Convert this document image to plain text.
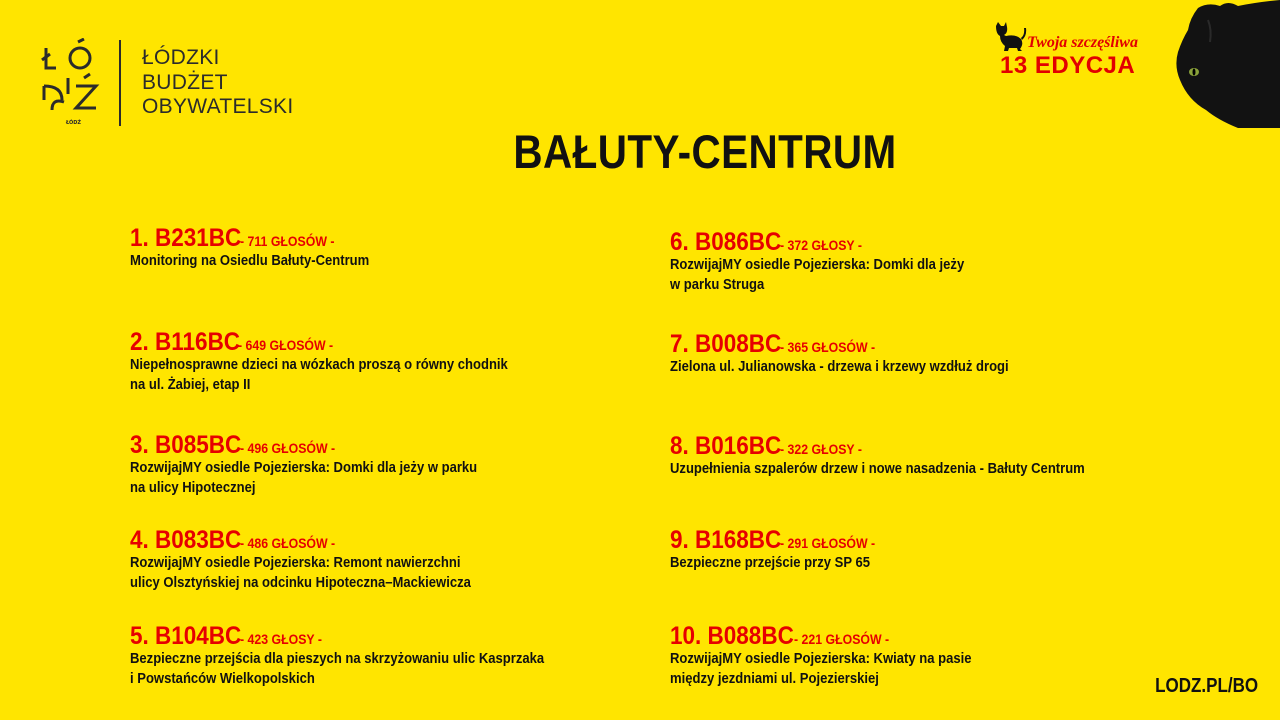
ŁÓDŹ
ŁÓDZKI
BUDŻET
OBYWATELSKI
Twoja szczęśliwa
13 EDYCJA
BAŁUTY-CENTRUM
1. B231BC- 711 GŁOSÓW -
Monitoring na Osiedlu Bałuty-Centrum
2. B116BC- 649 GŁOSÓW -
Niepełnosprawne dzieci na wózkach proszą o równy chodnik
na ul. Żabiej, etap II
3. B085BC- 496 GŁOSÓW -
RozwijajMY osiedle Pojezierska: Domki dla jeży w parku
na ulicy Hipotecznej
4. B083BC- 486 GŁOSÓW -
RozwijajMY osiedle Pojezierska: Remont nawierzchni
ulicy Olsztyńskiej na odcinku Hipoteczna–Mackiewicza
5. B104BC- 423 GŁOSY -
Bezpieczne przejścia dla pieszych na skrzyżowaniu ulic Kasprzaka
i Powstańców Wielkopolskich
6. B086BC- 372 GŁOSY -
RozwijajMY osiedle Pojezierska: Domki dla jeży
w parku Struga
7. B008BC- 365 GŁOSÓW -
Zielona ul. Julianowska - drzewa i krzewy wzdłuż drogi
8. B016BC- 322 GŁOSY -
Uzupełnienia szpalerów drzew i nowe nasadzenia - Bałuty Centrum
9. B168BC- 291 GŁOSÓW -
Bezpieczne przejście przy SP 65
10. B088BC- 221 GŁOSÓW -
RozwijajMY osiedle Pojezierska: Kwiaty na pasie
między jezdniami ul. Pojezierskiej	LODZ.PL/BO
